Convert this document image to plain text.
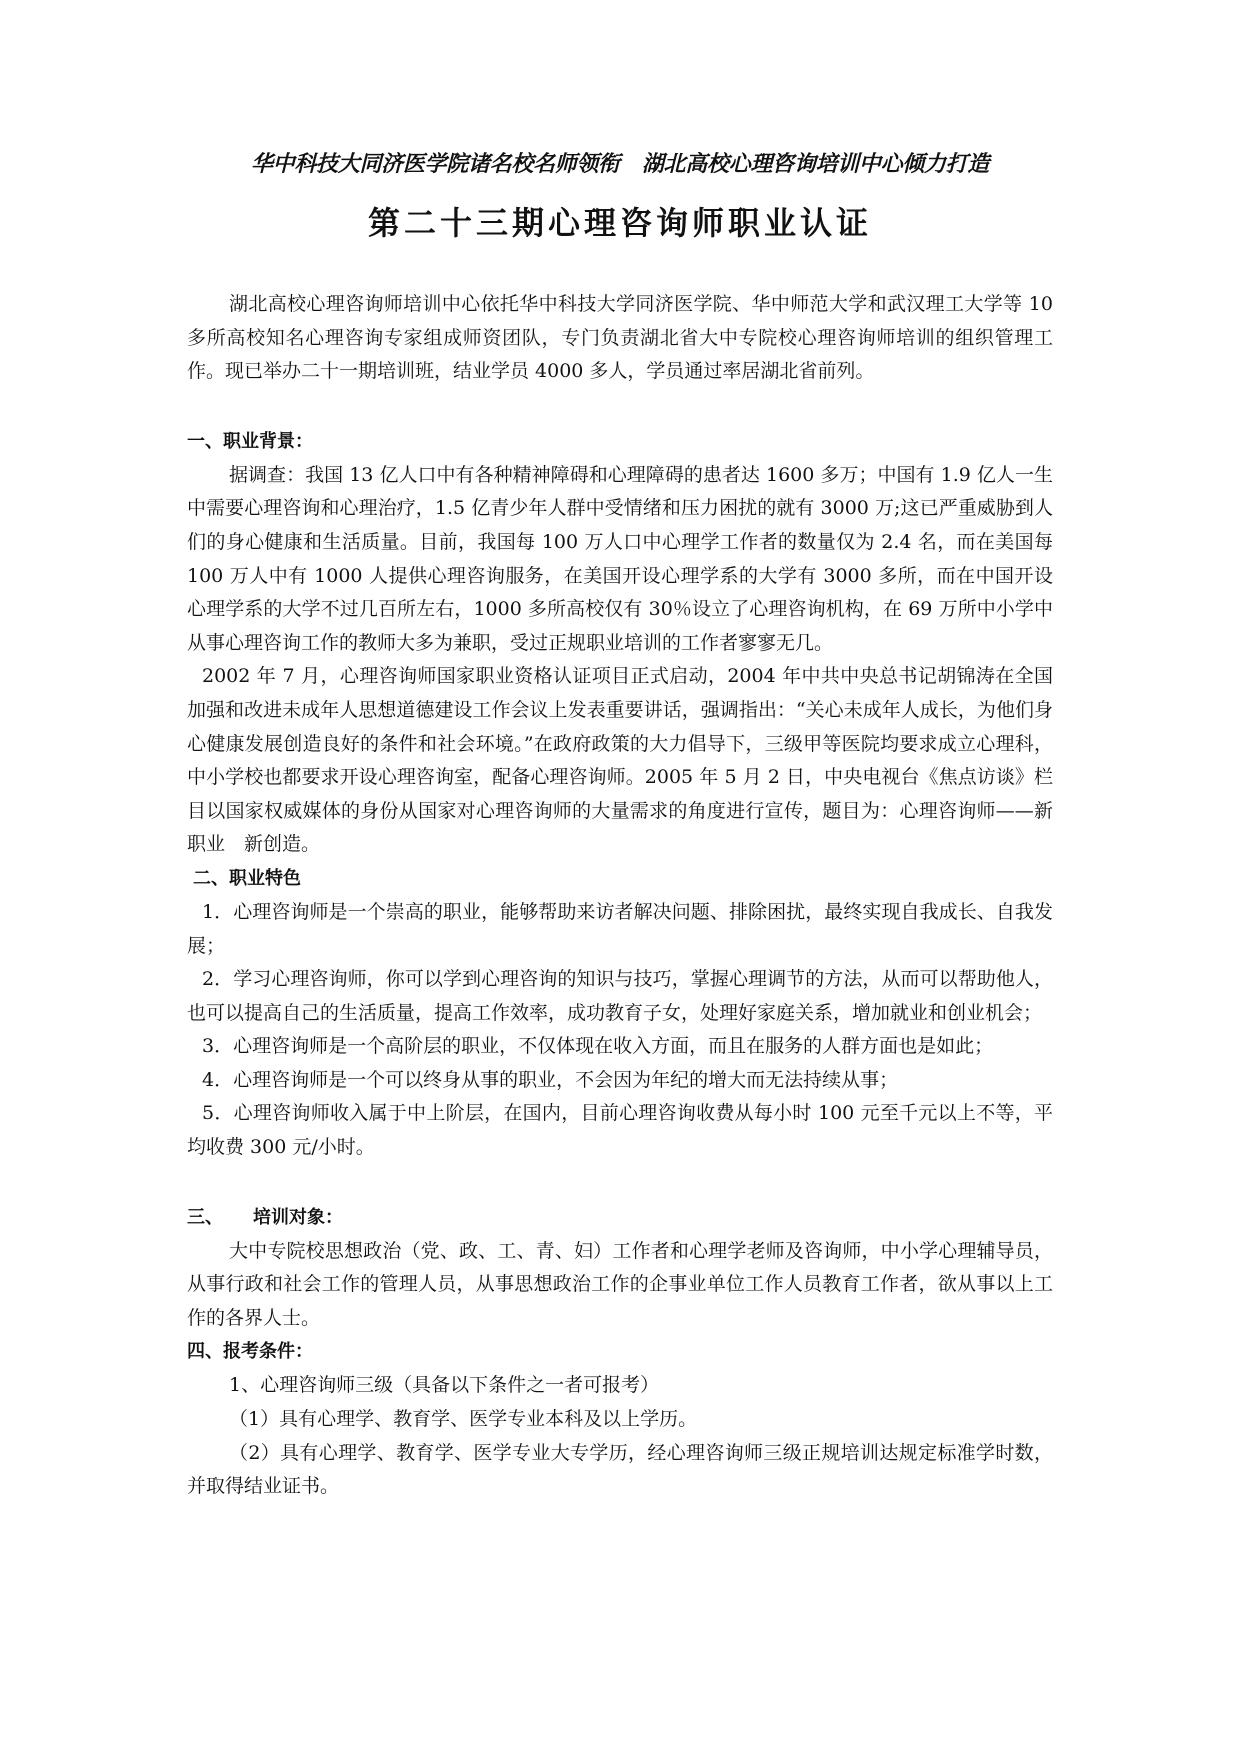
华中科技大同济医学院诸名校名师领衔 湖北高校心理咨询培训中心倾力打造
第二十三期心理咨询师职业认证

湖北高校心理咨询师培训中心依托华中科技大学同济医学院、华中师范大学和武汉理工大学等 10 多所高校知名心理咨询专家组成师资团队，专门负责湖北省大中专院校心理咨询师培训的组织管理工作。现已举办二十一期培训班，结业学员 4000 多人，学员通过率居湖北省前列。

一、职业背景：

据调查：我国 13 亿人口中有各种精神障碍和心理障碍的患者达 1600 多万；中国有 1.9 亿人一生中需要心理咨询和心理治疗，1.5 亿青少年人群中受情绪和压力困扰的就有 3000 万;这已严重威胁到人们的身心健康和生活质量。目前，我国每 100 万人口中心理学工作者的数量仅为 2.4 名，而在美国每 100 万人中有 1000 人提供心理咨询服务，在美国开设心理学系的大学有 3000 多所，而在中国开设心理学系的大学不过几百所左右，1000 多所高校仅有 30％设立了心理咨询机构，在 69 万所中小学中从事心理咨询工作的教师大多为兼职，受过正规职业培训的工作者寥寥无几。

2002 年 7 月，心理咨询师国家职业资格认证项目正式启动，2004 年中共中央总书记胡锦涛在全国加强和改进未成年人思想道德建设工作会议上发表重要讲话，强调指出：“关心未成年人成长，为他们身心健康发展创造良好的条件和社会环境。”在政府政策的大力倡导下，三级甲等医院均要求成立心理科，中小学校也都要求开设心理咨询室，配备心理咨询师。2005 年 5 月 2 日，中央电视台《焦点访谈》栏目以国家权威媒体的身份从国家对心理咨询师的大量需求的角度进行宣传，题目为：心理咨询师——新职业　新创造。

二、职业特色

1．心理咨询师是一个崇高的职业，能够帮助来访者解决问题、排除困扰，最终实现自我成长、自我发展；

2．学习心理咨询师，你可以学到心理咨询的知识与技巧，掌握心理调节的方法，从而可以帮助他人，也可以提高自己的生活质量，提高工作效率，成功教育子女，处理好家庭关系，增加就业和创业机会；

3．心理咨询师是一个高阶层的职业，不仅体现在收入方面，而且在服务的人群方面也是如此；

4．心理咨询师是一个可以终身从事的职业，不会因为年纪的增大而无法持续从事；

5．心理咨询师收入属于中上阶层，在国内，目前心理咨询收费从每小时 100 元至千元以上不等，平均收费 300 元/小时。

三、 培训对象：

大中专院校思想政治（党、政、工、青、妇）工作者和心理学老师及咨询师，中小学心理辅导员，从事行政和社会工作的管理人员，从事思想政治工作的企事业单位工作人员教育工作者，欲从事以上工作的各界人士。

四、报考条件：

1、心理咨询师三级（具备以下条件之一者可报考）

（1）具有心理学、教育学、医学专业本科及以上学历。

（2）具有心理学、教育学、医学专业大专学历，经心理咨询师三级正规培训达规定标准学时数，并取得结业证书。
